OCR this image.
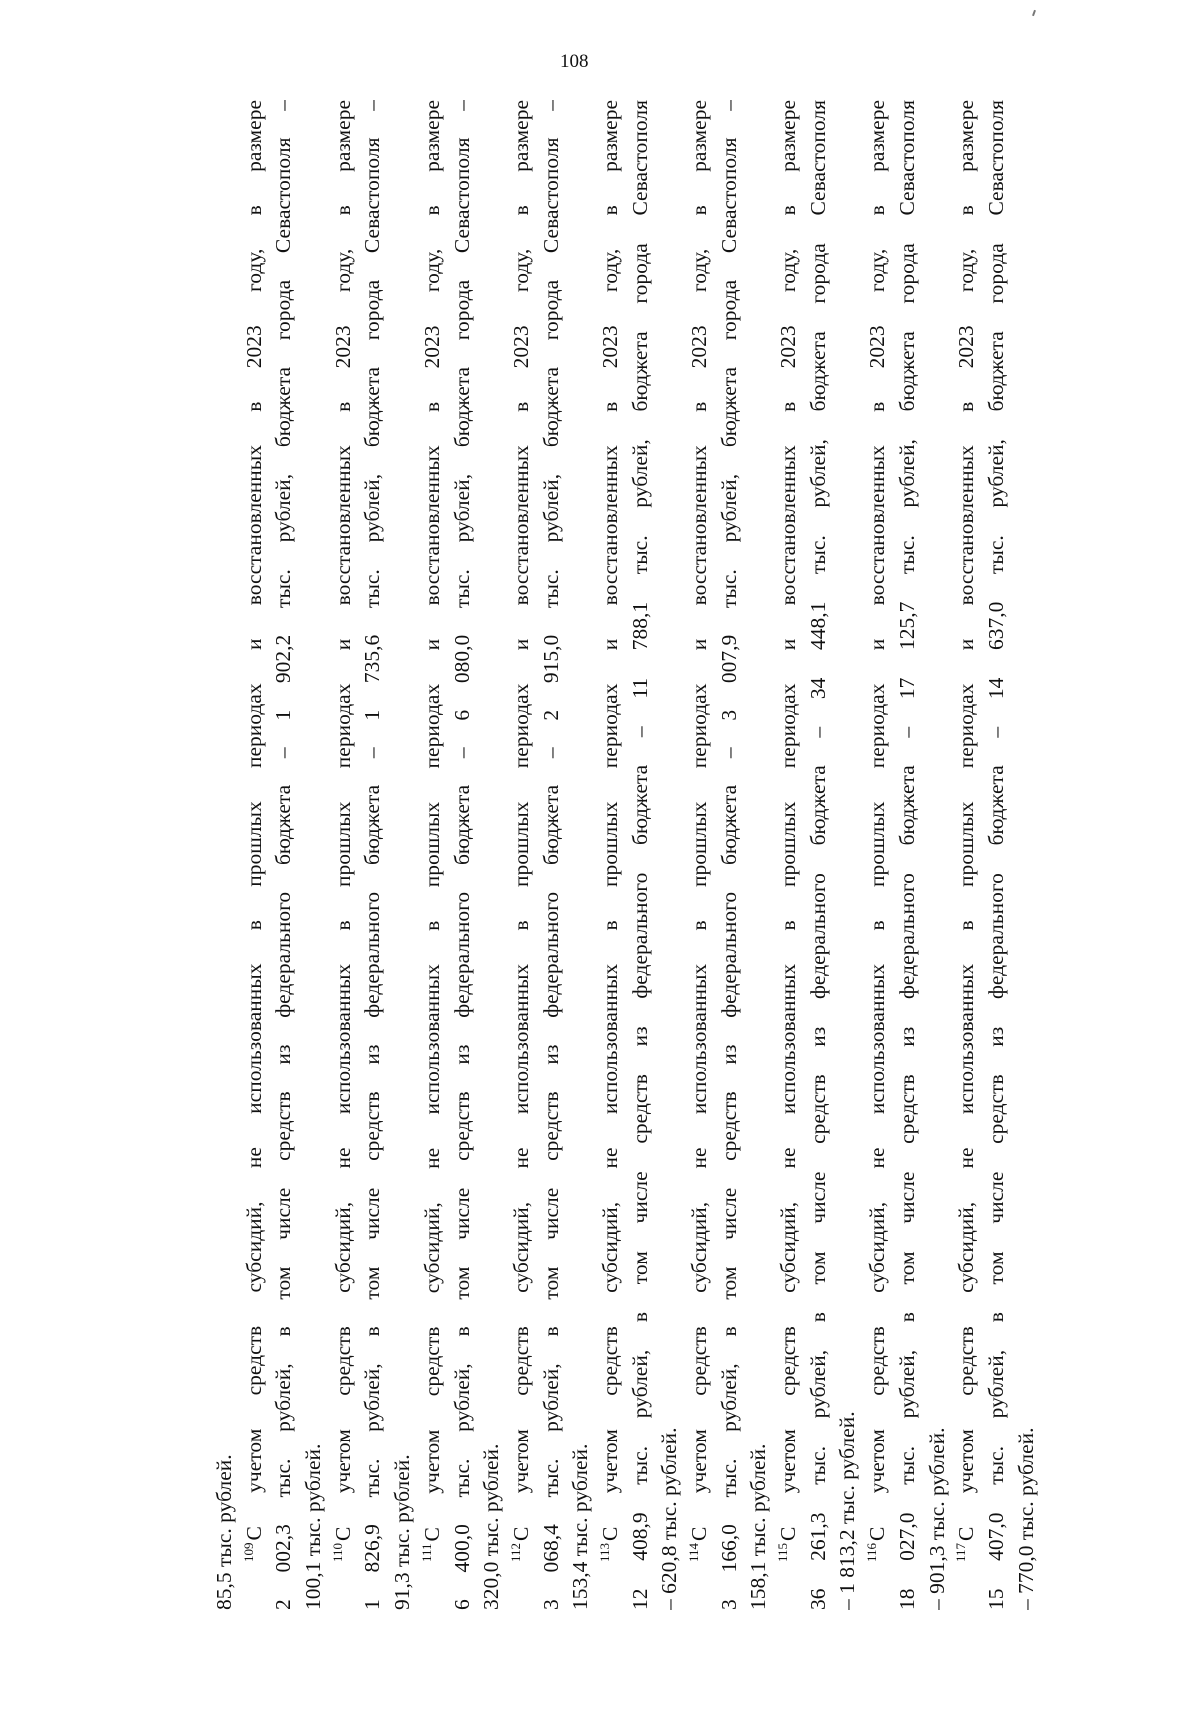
108
85,5 тыс. рублей. $^{109}$С учетом средств субсидий, не использованных в прошлых периодах и восстановленных в 2023 году, в размере 2 002,3 тыс. рублей, в том числе средств из федерального бюджета – 1 902,2 тыс. рублей, бюджета города Севастополя – 100,1 тыс. рублей. $^{110}$С учетом средств субсидий, не использованных в прошлых периодах и восстановленных в 2023 году, в размере 1 826,9 тыс. рублей, в том числе средств из федерального бюджета – 1 735,6 тыс. рублей, бюджета города Севастополя – 91,3 тыс. рублей. $^{111}$С учетом средств субсидий, не использованных в прошлых периодах и восстановленных в 2023 году, в размере 6 400,0 тыс. рублей, в том числе средств из федерального бюджета – 6 080,0 тыс. рублей, бюджета города Севастополя – 320,0 тыс. рублей. $^{112}$С учетом средств субсидий, не использованных в прошлых периодах и восстановленных в 2023 году, в размере 3 068,4 тыс. рублей, в том числе средств из федерального бюджета – 2 915,0 тыс. рублей, бюджета города Севастополя – 153,4 тыс. рублей. $^{113}$С учетом средств субсидий, не использованных в прошлых периодах и восстановленных в 2023 году, в размере 12 408,9 тыс. рублей, в том числе средств из федерального бюджета – 11 788,1 тыс. рублей, бюджета города Севастополя – 620,8 тыс. рублей. $^{114}$С учетом средств субсидий, не использованных в прошлых периодах и восстановленных в 2023 году, в размере 3 166,0 тыс. рублей, в том числе средств из федерального бюджета – 3 007,9 тыс. рублей, бюджета города Севастополя – 158,1 тыс. рублей. $^{115}$С учетом средств субсидий, не использованных в прошлых периодах и восстановленных в 2023 году, в размере 36 261,3 тыс. рублей, в том числе средств из федерального бюджета – 34 448,1 тыс. рублей, бюджета города Севастополя – 1 813,2 тыс. рублей. $^{116}$С учетом средств субсидий, не использованных в прошлых периодах и восстановленных в 2023 году, в размере 18 027,0 тыс. рублей, в том числе средств из федерального бюджета – 17 125,7 тыс. рублей, бюджета города Севастополя – 901,3 тыс. рублей. $^{117}$С учетом средств субсидий, не использованных в прошлых периодах и восстановленных в 2023 году, в размере 15 407,0 тыс. рублей, в том числе средств из федерального бюджета – 14 637,0 тыс. рублей, бюджета города Севастополя – 770,0 тыс. рублей.
